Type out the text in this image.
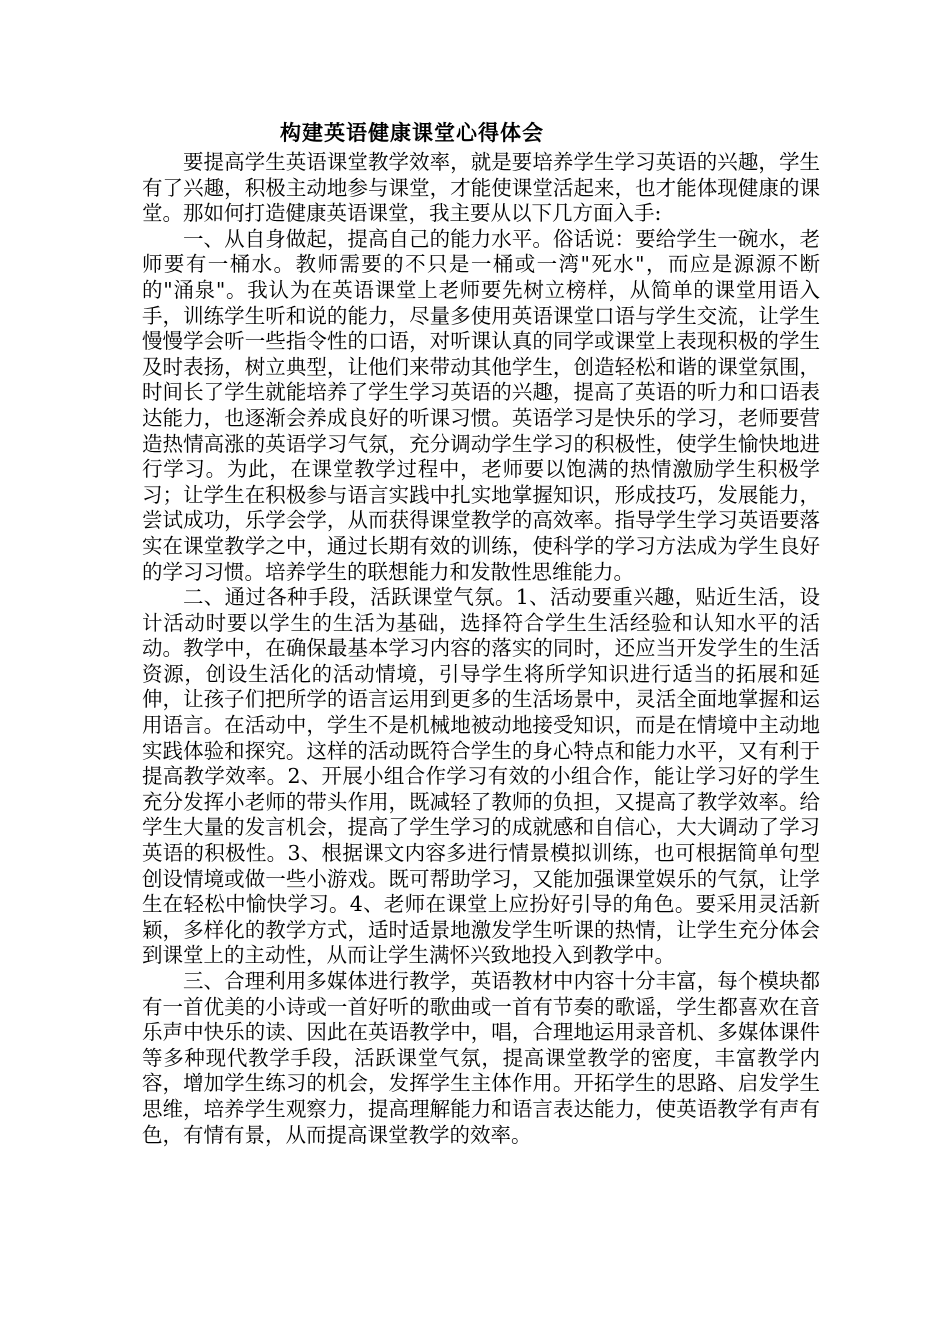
构建英语健康课堂心得体会

要提高学生英语课堂教学效率，就是要培养学生学习英语的兴趣，学生有了兴趣，积极主动地参与课堂，才能使课堂活起来，也才能体现健康的课堂。那如何打造健康英语课堂，我主要从以下几方面入手:

一、从自身做起，提高自己的能力水平。俗话说：要给学生一碗水，老师要有一桶水。教师需要的不只是一桶或一湾"死水"，而应是源源不断的"涌泉"。我认为在英语课堂上老师要先树立榜样，从简单的课堂用语入手，训练学生听和说的能力，尽量多使用英语课堂口语与学生交流，让学生慢慢学会听一些指令性的口语，对听课认真的同学或课堂上表现积极的学生及时表扬，树立典型，让他们来带动其他学生，创造轻松和谐的课堂氛围，时间长了学生就能培养了学生学习英语的兴趣，提高了英语的听力和口语表达能力，也逐渐会养成良好的听课习惯。英语学习是快乐的学习，老师要营造热情高涨的英语学习气氛，充分调动学生学习的积极性，使学生愉快地进行学习。为此，在课堂教学过程中，老师要以饱满的热情激励学生积极学习；让学生在积极参与语言实践中扎实地掌握知识，形成技巧，发展能力，尝试成功，乐学会学，从而获得课堂教学的高效率。指导学生学习英语要落实在课堂教学之中，通过长期有效的训练，使科学的学习方法成为学生良好的学习习惯。培养学生的联想能力和发散性思维能力。

二、通过各种手段，活跃课堂气氛。1、活动要重兴趣，贴近生活，设计活动时要以学生的生活为基础，选择符合学生生活经验和认知水平的活动。教学中，在确保最基本学习内容的落实的同时，还应当开发学生的生活资源，创设生活化的活动情境，引导学生将所学知识进行适当的拓展和延伸，让孩子们把所学的语言运用到更多的生活场景中，灵活全面地掌握和运用语言。在活动中，学生不是机械地被动地接受知识，而是在情境中主动地实践体验和探究。这样的活动既符合学生的身心特点和能力水平，又有利于提高教学效率。2、开展小组合作学习有效的小组合作，能让学习好的学生充分发挥小老师的带头作用，既减轻了教师的负担，又提高了教学效率。给学生大量的发言机会，提高了学生学习的成就感和自信心，大大调动了学习英语的积极性。3、根据课文内容多进行情景模拟训练，也可根据简单句型创设情境或做一些小游戏。既可帮助学习，又能加强课堂娱乐的气氛，让学生在轻松中愉快学习。4、老师在课堂上应扮好引导的角色。要采用灵活新颖，多样化的教学方式，适时适景地激发学生听课的热情，让学生充分体会到课堂上的主动性，从而让学生满怀兴致地投入到教学中。

三、合理利用多媒体进行教学，英语教材中内容十分丰富，每个模块都有一首优美的小诗或一首好听的歌曲或一首有节奏的歌谣，学生都喜欢在音乐声中快乐的读、因此在英语教学中，唱，合理地运用录音机、多媒体课件等多种现代教学手段，活跃课堂气氛，提高课堂教学的密度，丰富教学内容，增加学生练习的机会，发挥学生主体作用。开拓学生的思路、启发学生思维，培养学生观察力，提高理解能力和语言表达能力，使英语教学有声有色，有情有景，从而提高课堂教学的效率。
